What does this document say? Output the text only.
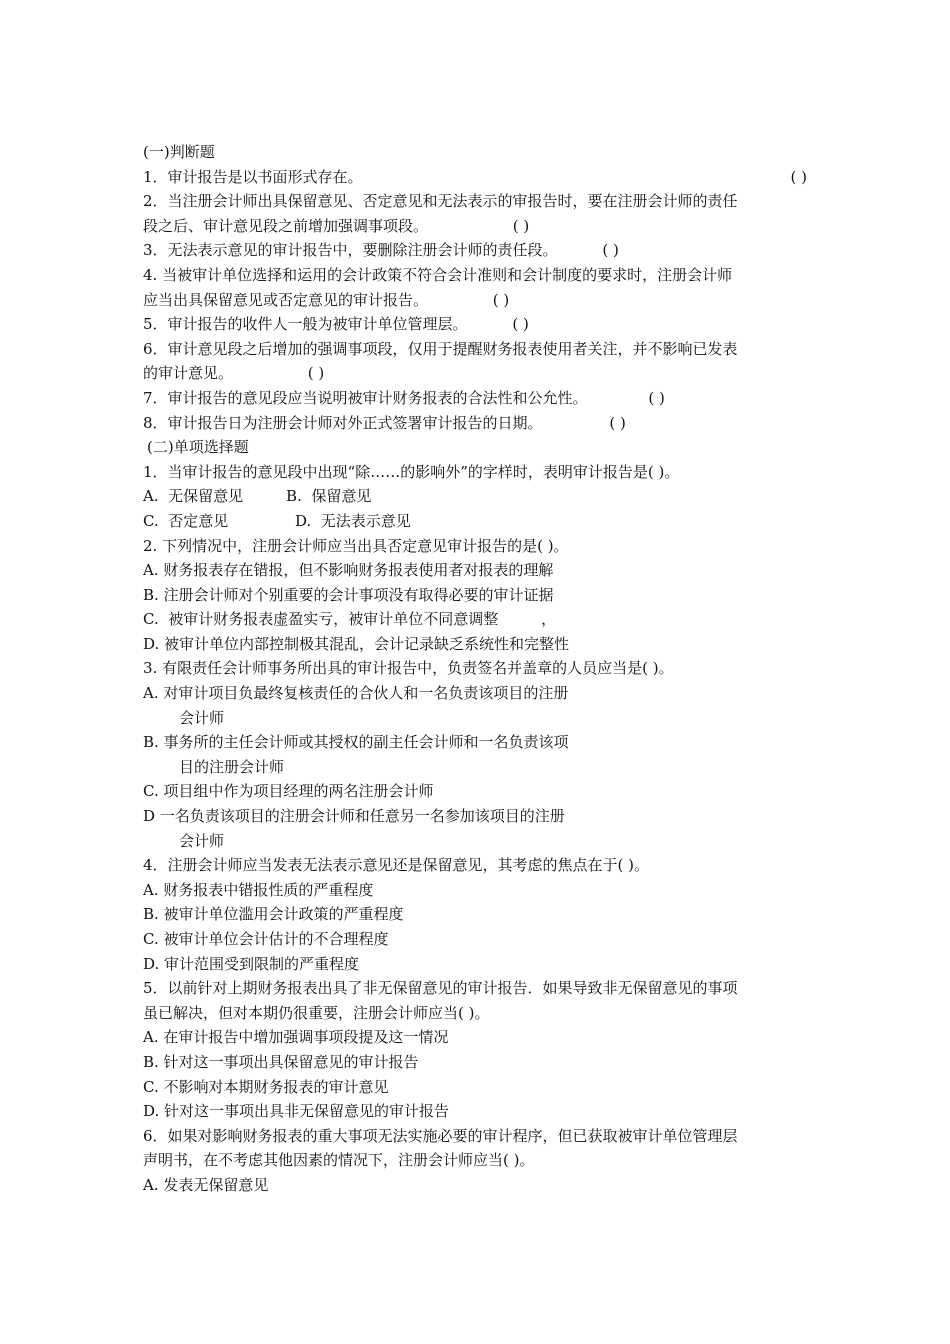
(一)判断题
1．审计报告是以书面形式存在。	( )
2．当注册会计师出具保留意见、否定意见和无法表示的审报告时，要在注册会计师的责任
段之后、审计意见段之前增加强调事项段。	( )
3．无法表示意见的审计报告中，要删除注册会计师的责任段。	( )
4. 当被审计单位选择和运用的会计政策不符合会计准则和会计制度的要求时，注册会计师
应当出具保留意见或否定意见的审计报告。	( )
5．审计报告的收件人一般为被审计单位管理层。	( )
6．审计意见段之后增加的强调事项段，仅用于提醒财务报表使用者关注，并不影响已发表
的审计意见。	( )
7．审计报告的意见段应当说明被审计财务报表的合法性和公允性。	( )
8．审计报告日为注册会计师对外正式签署审计报告的日期。	( )
(二)单项选择题
1．当审计报告的意见段中出现“除……的影响外”的字样时，表明审计报告是( )。
A.  无保留意见         B.  保留意见
C.  否定意见              D.  无法表示意见
2. 下列情况中，注册会计师应当出具否定意见审计报告的是( )。
A. 财务报表存在错报，但不影响财务报表使用者对报表的理解
B. 注册会计师对个别重要的会计事项没有取得必要的审计证据
C.  被审计财务报表虚盈实亏，被审计单位不同意调整         ，
D. 被审计单位内部控制极其混乱，会计记录缺乏系统性和完整性
3. 有限责任会计师事务所出具的审计报告中，负责签名并盖章的人员应当是( )。
A. 对审计项目负最终复核责任的合伙人和一名负责该项目的注册
会计师
B. 事务所的主任会计师或其授权的副主任会计师和一名负责该项
目的注册会计师
C. 项目组中作为项目经理的两名注册会计师
D 一名负责该项目的注册会计师和任意另一名参加该项目的注册
会计师
4．注册会计师应当发表无法表示意见还是保留意见，其考虑的焦点在于( )。
A. 财务报表中错报性质的严重程度
B. 被审计单位滥用会计政策的严重程度
C. 被审计单位会计估计的不合理程度
D. 审计范围受到限制的严重程度
5．以前针对上期财务报表出具了非无保留意见的审计报告．如果导致非无保留意见的事项
虽已解决，但对本期仍很重要，注册会计师应当( )。
A. 在审计报告中增加强调事项段提及这一情况
B. 针对这一事项出具保留意见的审计报告
C. 不影响对本期财务报表的审计意见
D. 针对这一事项出具非无保留意见的审计报告
6．如果对影响财务报表的重大事项无法实施必要的审计程序，但已获取被审计单位管理层
声明书，在不考虑其他因素的情况下，注册会计师应当( )。
A. 发表无保留意见
